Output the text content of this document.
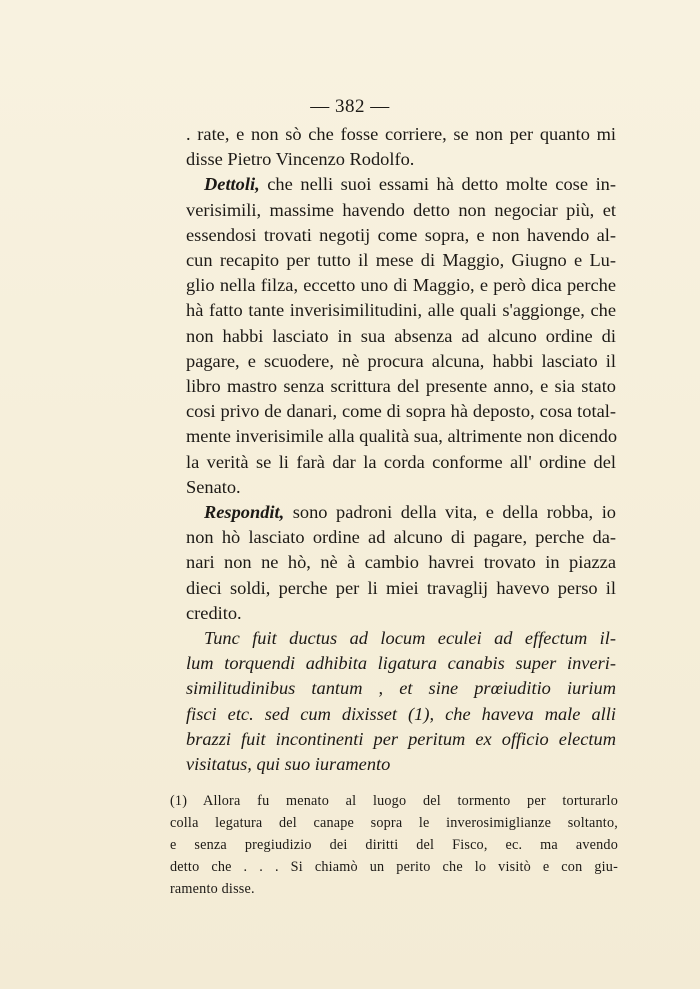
— 382 —
. rate, e non sò che fosse corriere, se non per quanto mi
disse Pietro Vincenzo Rodolfo.
Dettoli, che nelli suoi essami hà detto molte cose in-
verisimili, massime havendo detto non negociar più, et
essendosi trovati negotij come sopra, e non havendo al-
cun recapito per tutto il mese di Maggio, Giugno e Lu-
glio nella filza, eccetto uno di Maggio, e però dica perche
hà fatto tante inverisimilitudini, alle quali s'aggionge, che
non habbi lasciato in sua absenza ad alcuno ordine di
pagare, e scuodere, nè procura alcuna, habbi lasciato il
libro mastro senza scrittura del presente anno, e sia stato
cosi privo de danari, come di sopra hà deposto, cosa total-
mente inverisimile alla qualità sua, altrimente non dicendo
la verità se li farà dar la corda conforme all' ordine del
Senato.
Respondit, sono padroni della vita, e della robba, io
non hò lasciato ordine ad alcuno di pagare, perche da-
nari non ne hò, nè à cambio havrei trovato in piazza
dieci soldi, perche per li miei travaglij havevo perso il
credito.
Tunc fuit ductus ad locum eculei ad effectum il-
lum torquendi adhibita ligatura canabis super inveri-
similitudinibus tantum , et sine prœiuditio iurium
fisci etc. sed cum dixisset (1), che haveva male alli
brazzi fuit incontinenti per peritum ex officio electum
visitatus, qui suo iuramento
(1) Allora fu menato al luogo del tormento per torturarlo
colla legatura del canape sopra le inverosimiglianze soltanto,
e senza pregiudizio dei diritti del Fisco, ec. ma avendo
detto che . . . Si chiamò un perito che lo visitò e con giu-
ramento disse.
